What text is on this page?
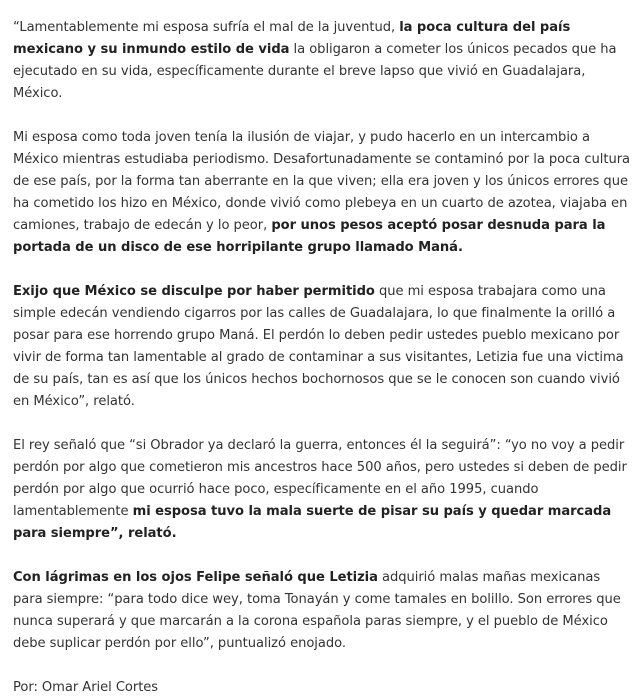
“Lamentablemente mi esposa sufría el mal de la juventud, la poca cultura del país mexicano y su inmundo estilo de vida la obligaron a cometer los únicos pecados que ha ejecutado en su vida, específicamente durante el breve lapso que vivió en Guadalajara, México.

Mi esposa como toda joven tenía la ilusión de viajar, y pudo hacerlo en un intercambio a México mientras estudiaba periodismo. Desafortunadamente se contaminó por la poca cultura de ese país, por la forma tan aberrante en la que viven; ella era joven y los únicos errores que ha cometido los hizo en México, donde vivió como plebeya en un cuarto de azotea, viajaba en camiones, trabajo de edecán y lo peor, por unos pesos aceptó posar desnuda para la portada de un disco de ese horripilante grupo llamado Maná.

Exijo que México se disculpe por haber permitido que mi esposa trabajara como una simple edecán vendiendo cigarros por las calles de Guadalajara, lo que finalmente la orilló a posar para ese horrendo grupo Maná. El perdón lo deben pedir ustedes pueblo mexicano por vivir de forma tan lamentable al grado de contaminar a sus visitantes, Letizia fue una victima de su país, tan es así que los únicos hechos bochornosos que se le conocen son cuando vivió en México”, relató.

El rey señaló que “si Obrador ya declaró la guerra, entonces él la seguirá”: “yo no voy a pedir perdón por algo que cometieron mis ancestros hace 500 años, pero ustedes si deben de pedir perdón por algo que ocurrió hace poco, específicamente en el año 1995, cuando lamentablemente mi esposa tuvo la mala suerte de pisar su país y quedar marcada para siempre”, relató.

Con lágrimas en los ojos Felipe señaló que Letizia adquirió malas mañas mexicanas para siempre: “para todo dice wey, toma Tonayán y come tamales en bolillo. Son errores que nunca superará y que marcarán a la corona española paras siempre, y el pueblo de México debe suplicar perdón por ello”, puntualizó enojado.

Por: Omar Ariel Cortes
